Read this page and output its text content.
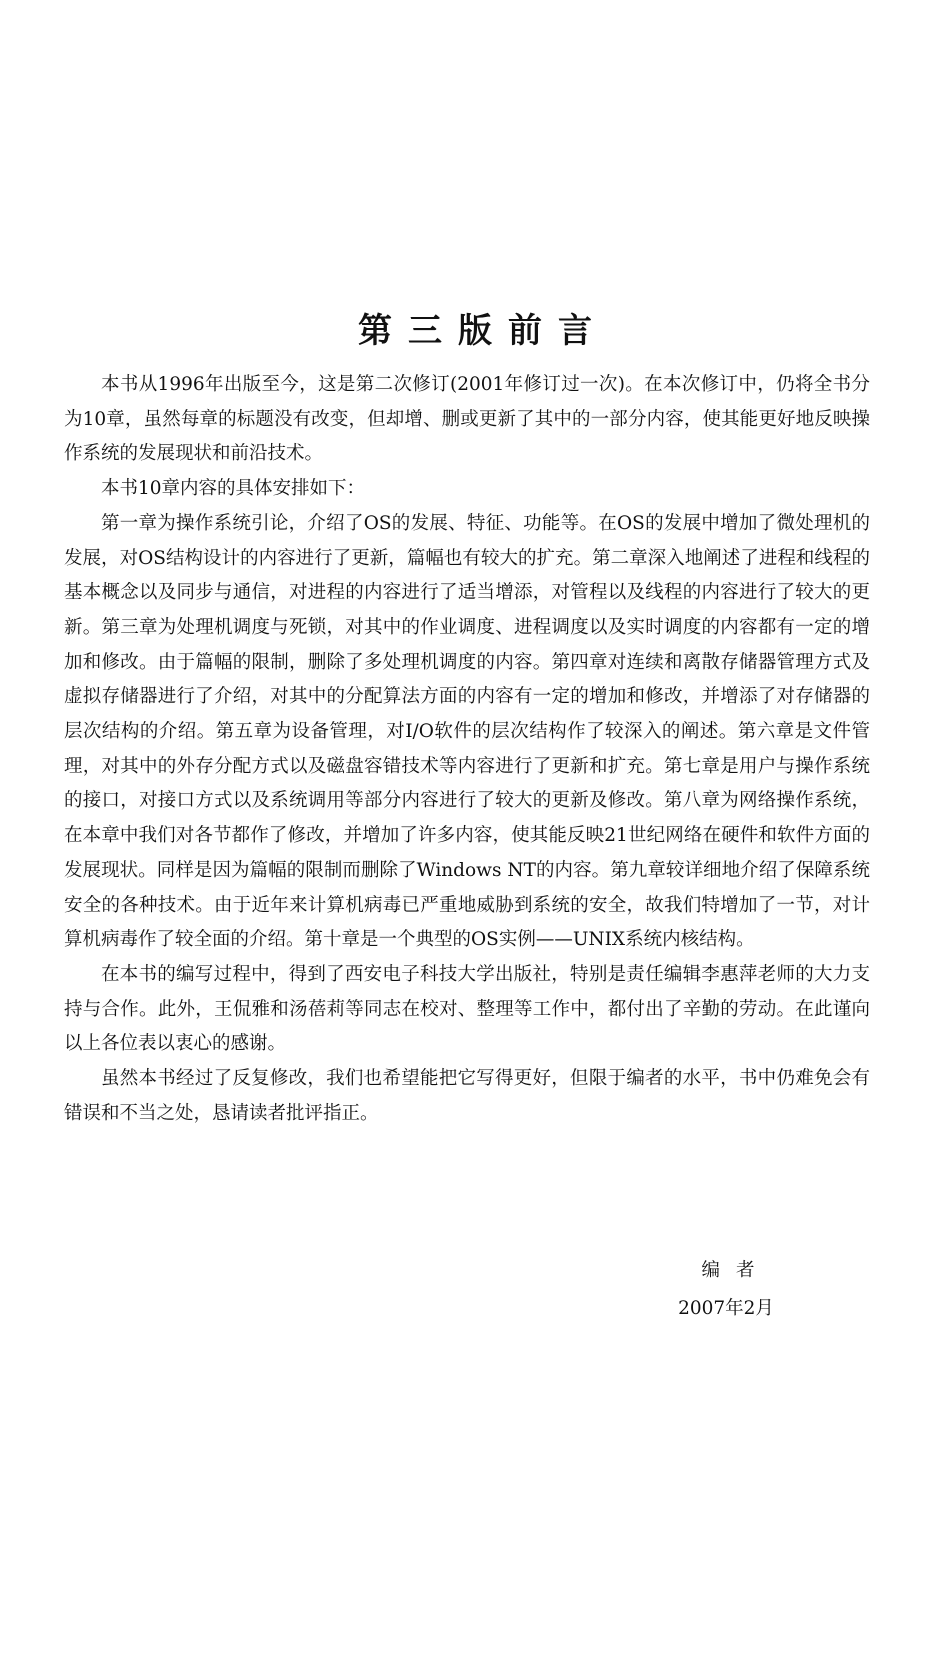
第三版前言

本书从1996年出版至今，这是第二次修订(2001年修订过一次)。在本次修订中，仍将全书分为10章，虽然每章的标题没有改变，但却增、删或更新了其中的一部分内容，使其能更好地反映操作系统的发展现状和前沿技术。

本书10章内容的具体安排如下：

第一章为操作系统引论，介绍了OS的发展、特征、功能等。在OS的发展中增加了微处理机的发展，对OS结构设计的内容进行了更新，篇幅也有较大的扩充。第二章深入地阐述了进程和线程的基本概念以及同步与通信，对进程的内容进行了适当增添，对管程以及线程的内容进行了较大的更新。第三章为处理机调度与死锁，对其中的作业调度、进程调度以及实时调度的内容都有一定的增加和修改。由于篇幅的限制，删除了多处理机调度的内容。第四章对连续和离散存储器管理方式及虚拟存储器进行了介绍，对其中的分配算法方面的内容有一定的增加和修改，并增添了对存储器的层次结构的介绍。第五章为设备管理，对I/O软件的层次结构作了较深入的阐述。第六章是文件管理，对其中的外存分配方式以及磁盘容错技术等内容进行了更新和扩充。第七章是用户与操作系统的接口，对接口方式以及系统调用等部分内容进行了较大的更新及修改。第八章为网络操作系统，在本章中我们对各节都作了修改，并增加了许多内容，使其能反映21世纪网络在硬件和软件方面的发展现状。同样是因为篇幅的限制而删除了Windows NT的内容。第九章较详细地介绍了保障系统安全的各种技术。由于近年来计算机病毒已严重地威胁到系统的安全，故我们特增加了一节，对计算机病毒作了较全面的介绍。第十章是一个典型的OS实例——UNIX系统内核结构。

在本书的编写过程中，得到了西安电子科技大学出版社，特别是责任编辑李惠萍老师的大力支持与合作。此外，王侃雅和汤蓓莉等同志在校对、整理等工作中，都付出了辛勤的劳动。在此谨向以上各位表以衷心的感谢。

虽然本书经过了反复修改，我们也希望能把它写得更好，但限于编者的水平，书中仍难免会有错误和不当之处，恳请读者批评指正。

编者
2007年2月
